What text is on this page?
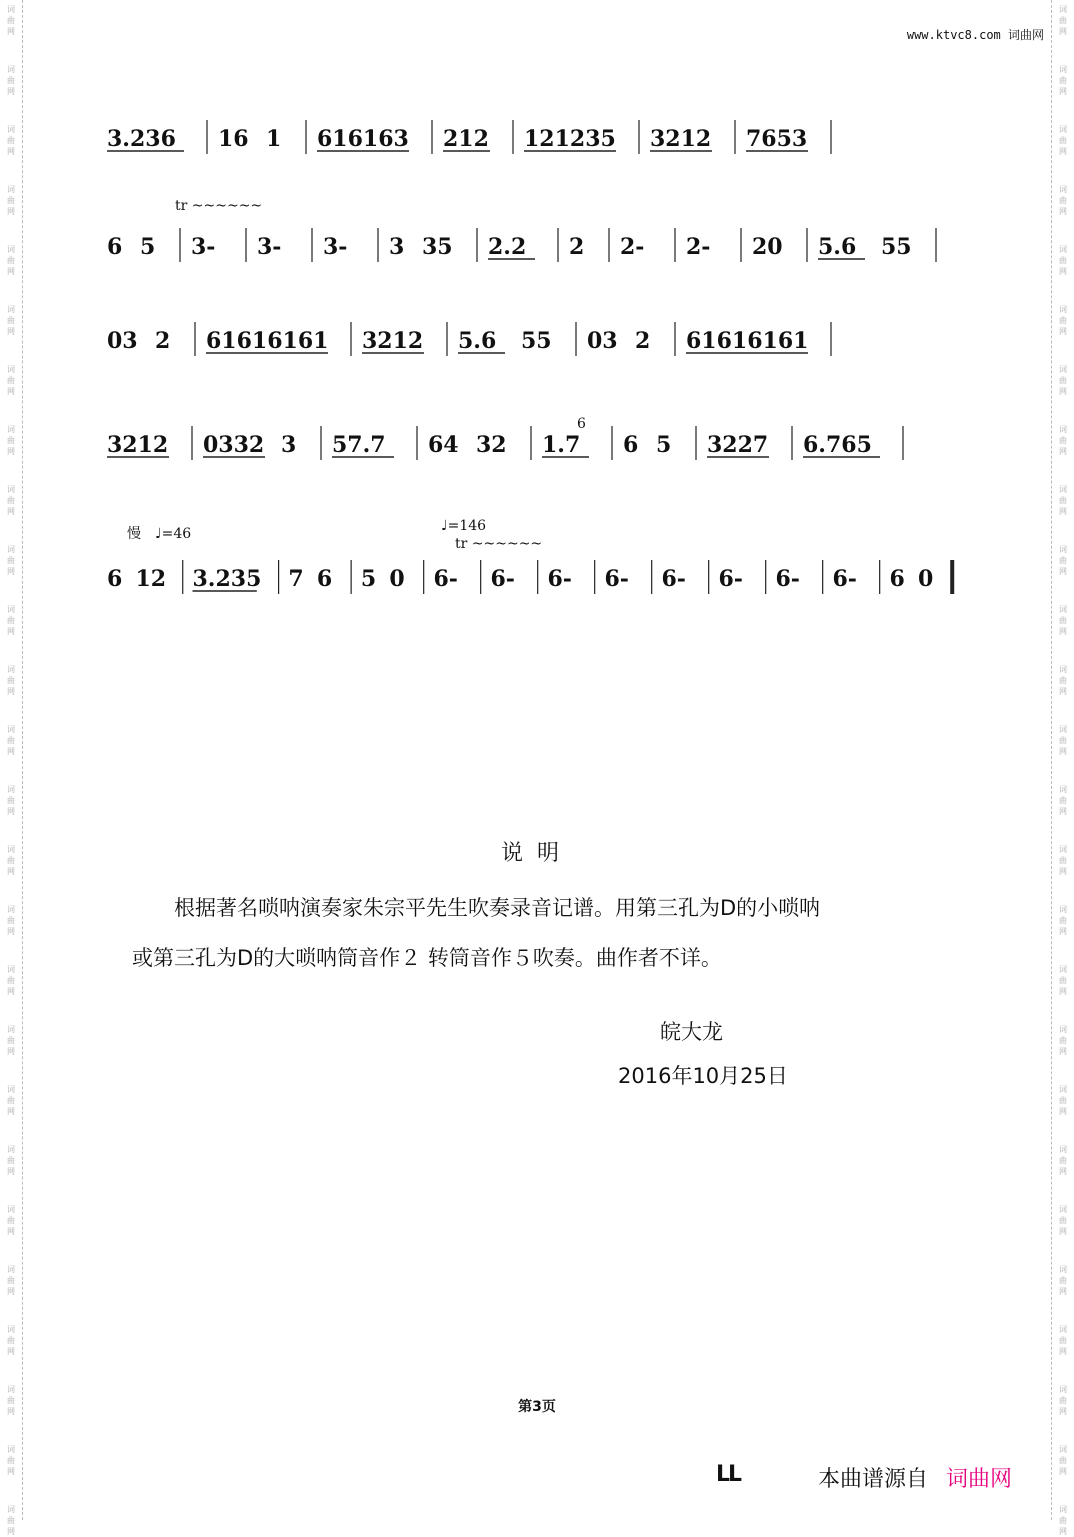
词
曲
网
词
曲
网
词
曲
网
词
曲
网
词
曲
网
词
曲
网
词
曲
网
词
曲
网
词
曲
网
词
曲
网
词
曲
网
词
曲
网
词
曲
网
词
曲
网
词
曲
网
词
曲
网
词
曲
网
词
曲
网
词
曲
网
词
曲
网
词
曲
网
词
曲
网
词
曲
网
词
曲
网
词
曲
网
词
曲
网
词
曲
网
词
曲
网
词
曲
网
词
曲
网
词
曲
网
词
曲
网
词
曲
网
词
曲
网
词
曲
网
词
曲
网
词
曲
网
词
曲
网
词
曲
网
词
曲
网
词
曲
网
词
曲
网
词
曲
网
词
曲
网
词
曲
网
词
曲
网
词
曲
网
词
曲
网
词
曲
网
词
曲
网
词
曲
网
词
曲
网
www.ktvc8.com 词曲网
3.236 16 1 616163 212 121235 3212 7653
6 5 3- 3- 3- 3 35 2.2 2 2- 2- 20 5.6 55
tr ~~~~~~
03 2 61616161 3212 5.6 55 03 2 61616161
3212 0332 3 57.7 64 32 1.7 6 5 3227 6.765
6
6 12 3.235 7 6 5 0 6- 6- 6- 6- 6- 6- 6- 6- 6 0
慢 ♩=46	♩=146
tr ~~~~~~
说明
根据著名唢呐演奏家朱宗平先生吹奏录音记谱。用第三孔为D的小唢呐
或第三孔为D的大唢呐筒音作２ 转筒音作５吹奏。曲作者不详。
皖大龙
2016年10月25日
第3页
LL	本曲谱源自 词曲网
